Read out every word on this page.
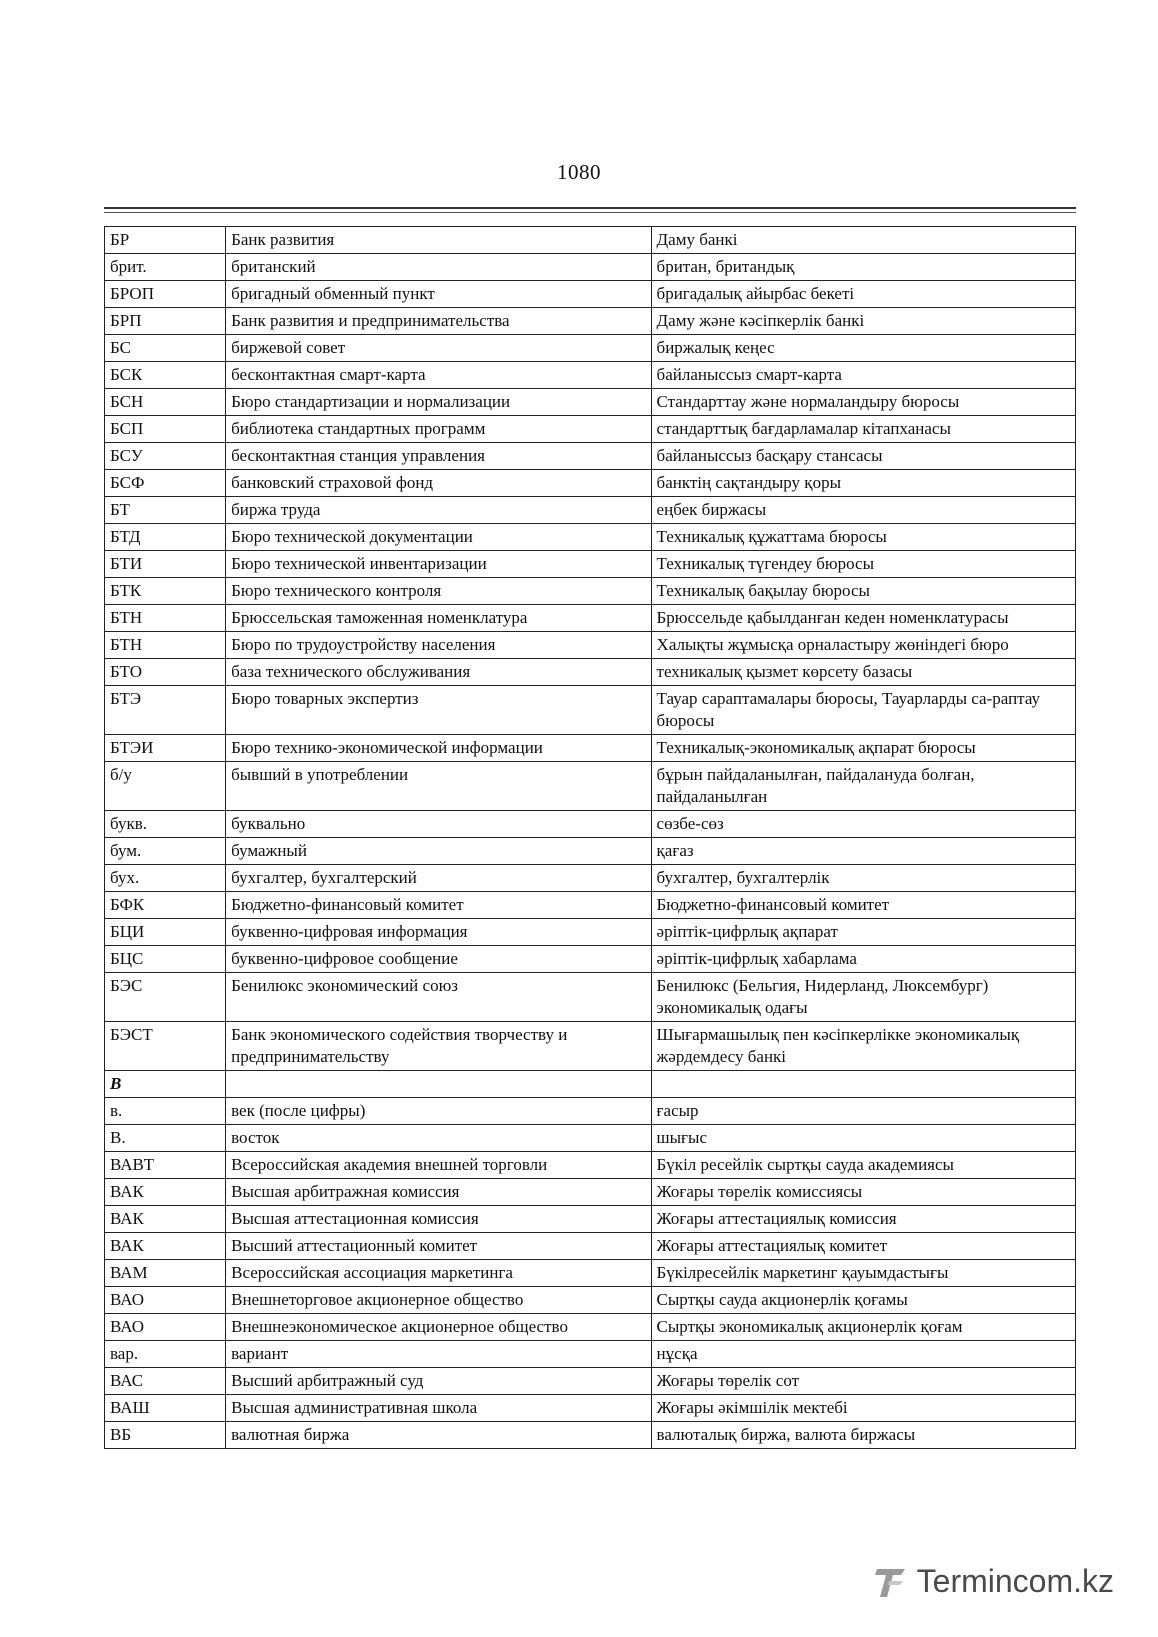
1080
БР	Банк развития	Даму банкі
брит.	британский	британ, британдық
БРОП	бригадный обменный пункт	бригадалық айырбас бекеті
БРП	Банк развития и предпринимательства	Даму және кәсіпкерлік банкі
БС	биржевой совет	биржалық кеңес
БСК	бесконтактная смарт-карта	байланыссыз смарт-карта
БСН	Бюро стандартизации и нормализации	Стандарттау және нормаландыру бюросы
БСП	библиотека стандартных программ	стандарттық бағдарламалар кітапханасы
БСУ	бесконтактная станция управления	байланыссыз басқару стансасы
БСФ	банковский страховой фонд	банктің сақтандыру қоры
БТ	биржа труда	еңбек биржасы
БТД	Бюро технической документации	Техникалық құжаттама бюросы
БТИ	Бюро технической инвентаризации	Техникалық түгендеу бюросы
БТК	Бюро технического контроля	Техникалық бақылау бюросы
БТН	Брюссельская таможенная номенклатура	Брюссельде қабылданған кеден номенклатурасы
БТН	Бюро по трудоустройству населения	Халықты жұмысқа орналастыру жөніндегі бюро
БТО	база технического обслуживания	техникалық қызмет көрсету базасы
БТЭ	Бюро товарных экспертиз	Тауар сараптамалары бюросы, Тауарларды са-раптау бюросы
БТЭИ	Бюро технико-экономической информации	Техникалық-экономикалық ақпарат бюросы
б/у	бывший в употреблении	бұрын пайдаланылған, пайдалануда болған, пайдаланылған
букв.	буквально	сөзбе-сөз
бум.	бумажный	қағаз
бух.	бухгалтер, бухгалтерский	бухгалтер, бухгалтерлік
БФК	Бюджетно-финансовый комитет	Бюджетно-финансовый комитет
БЦИ	буквенно-цифровая информация	әріптік-цифрлық ақпарат
БЦС	буквенно-цифровое сообщение	әріптік-цифрлық хабарлама
БЭС	Бенилюкс экономический союз	Бенилюкс (Бельгия, Нидерланд, Люксембург) экономикалық одағы
БЭСТ	Банк экономического содействия творчеству и предпринимательству	Шығармашылық пен кәсіпкерлікке экономикалық жәрдемдесу банкі
В		
в.	век (после цифры)	ғасыр
В.	восток	шығыс
ВАВТ	Всероссийская академия внешней торговли	Бүкіл ресейлік сыртқы сауда академиясы
ВАК	Высшая арбитражная комиссия	Жоғары төрелік комиссиясы
ВАК	Высшая аттестационная комиссия	Жоғары аттестациялық комиссия
ВАК	Высший аттестационный комитет	Жоғары аттестациялық комитет
ВАМ	Всероссийская ассоциация маркетинга	Бүкілресейлік маркетинг қауымдастығы
ВАО	Внешнеторговое акционерное общество	Сыртқы сауда акционерлік қоғамы
ВАО	Внешнеэкономическое акционерное общество	Сыртқы экономикалық акционерлік қоғам
вар.	вариант	нұсқа
ВАС	Высший арбитражный суд	Жоғары төрелік сот
ВАШ	Высшая административная школа	Жоғары әкімшілік мектебі
ВБ	валютная биржа	валюталық биржа, валюта биржасы
Termincom.kz
